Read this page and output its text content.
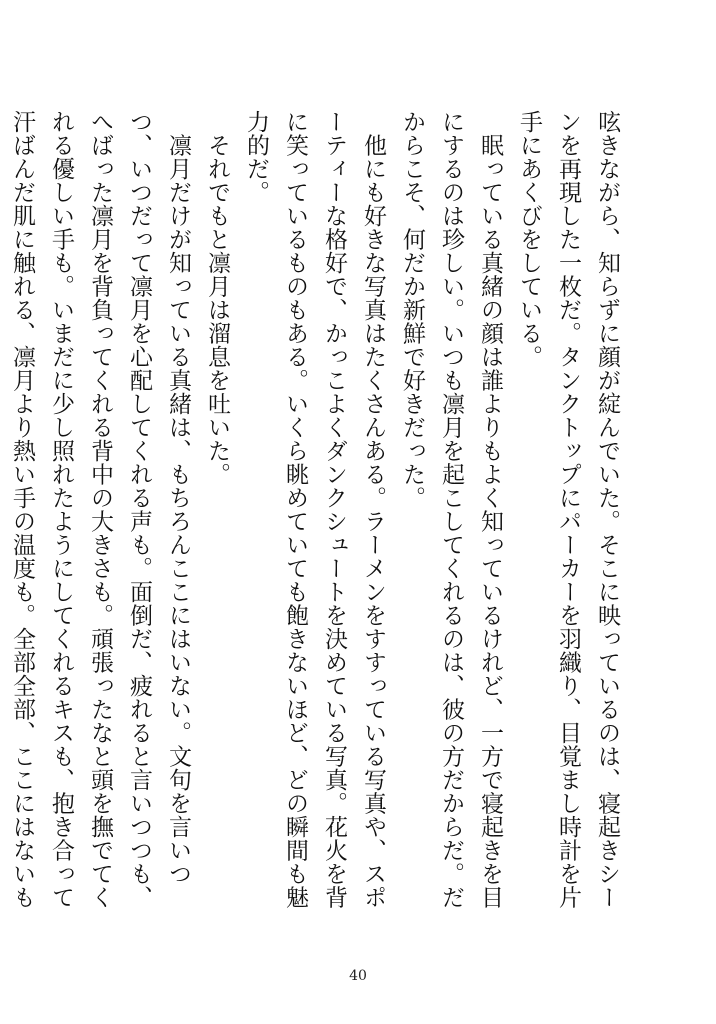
呟きながら、知らずに顔が綻んでいた。そこに映っているのは、寝起きシーンを再現した一枚だ。タンクトップにパーカーを羽織り、目覚まし時計を片手にあくびをしている。

　眠っている真緒の顔は誰よりもよく知っているけれど、一方で寝起きを目にするのは珍しい。いつも凛月を起こしてくれるのは、彼の方だからだ。だからこそ、何だか新鮮で好きだった。

　他にも好きな写真はたくさんある。ラーメンをすすっている写真や、スポーティーな格好で、かっこよくダンクシュートを決めている写真。花火を背に笑っているものもある。いくら眺めていても飽きないほど、どの瞬間も魅力的だ。

　それでもと凛月は溜息を吐いた。

　凛月だけが知っている真緒は、もちろんここにはいない。文句を言いつつ、いつだって凛月を心配してくれる声も。面倒だ、疲れると言いつつも、へばった凛月を背負ってくれる背中の大きさも。頑張ったなと頭を撫でてくれる優しい手も。いまだに少し照れたようにしてくれるキスも、抱き合って汗ばんだ肌に触れる、凛月より熱い手の温度も。全部全部、ここにはないも

40
